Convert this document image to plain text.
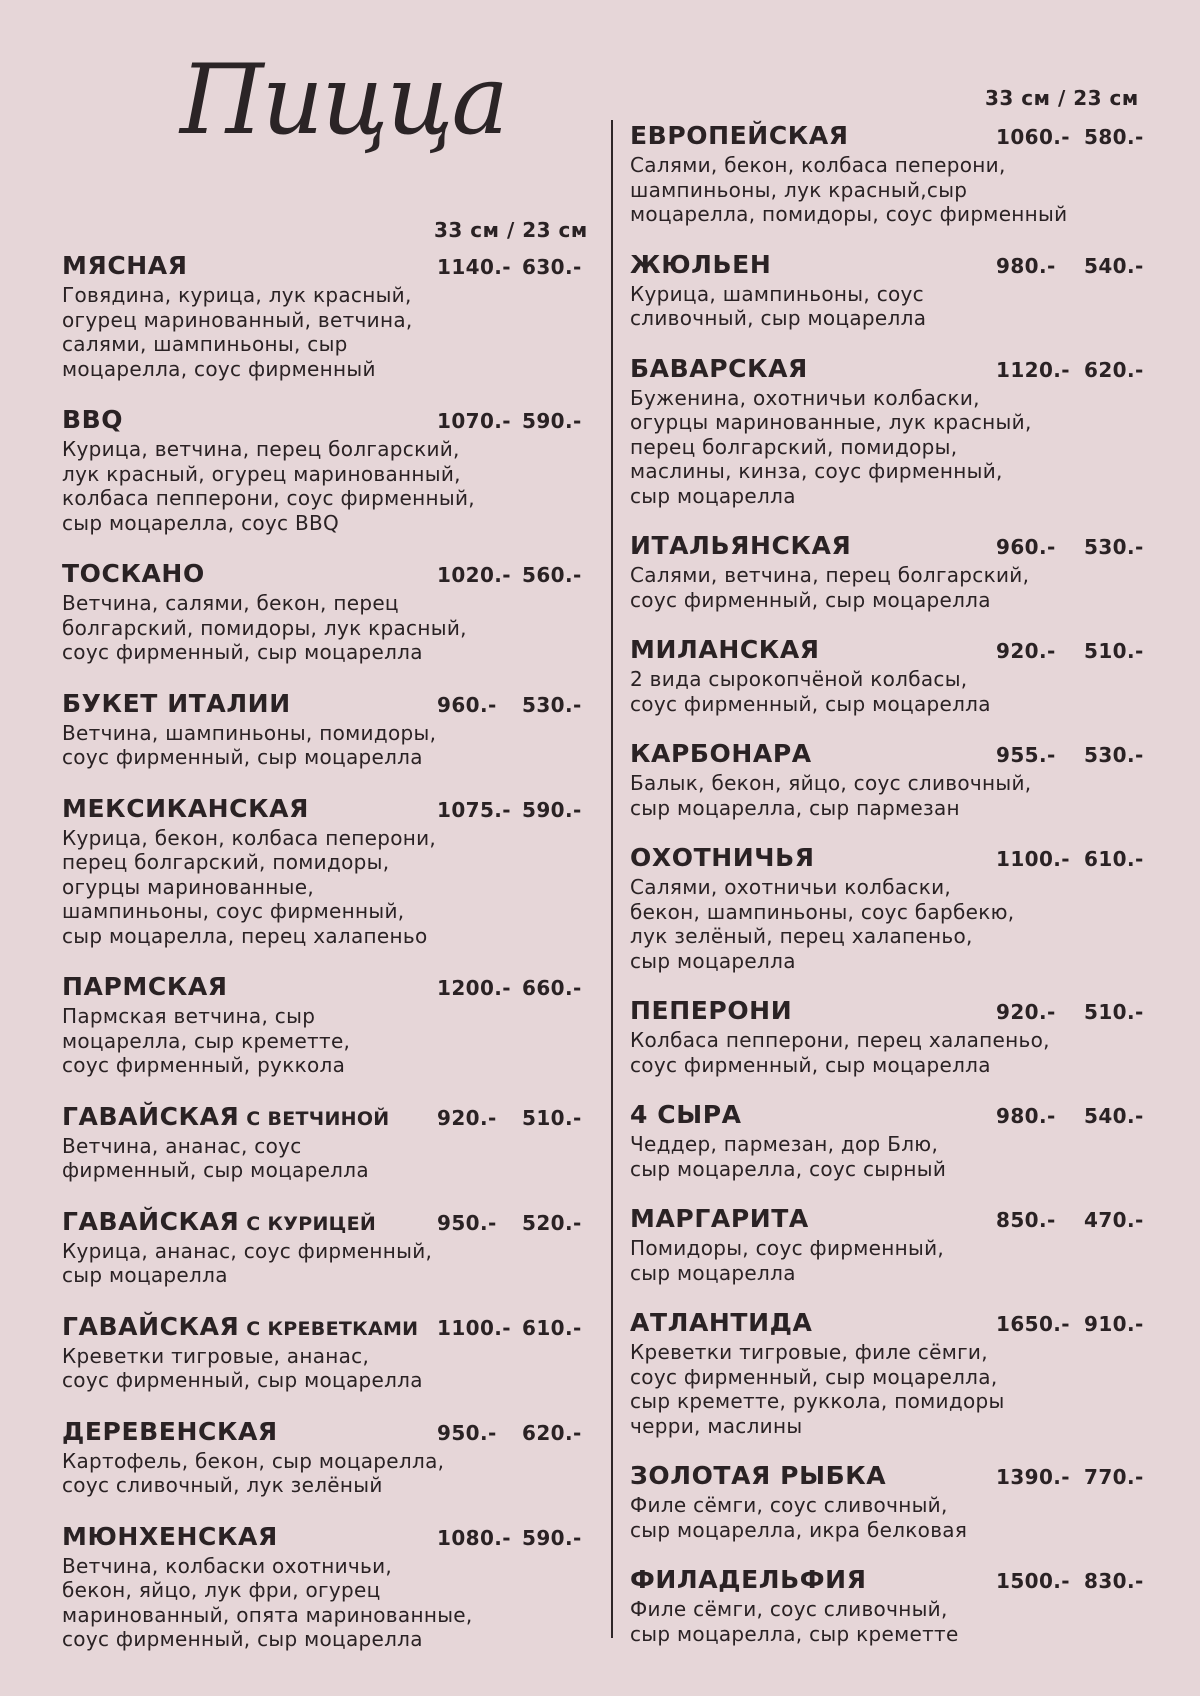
Пицца
33 см / 23 см
33 см / 23 см
МЯСНАЯ	1140.- 630.-
Говядина, курица, лук красный,
огурец маринованный, ветчина,
салями, шампиньоны, сыр
моцарелла, соус фирменный
BBQ	1070.- 590.-
Курица, ветчина, перец болгарский,
лук красный, огурец маринованный,
колбаса пепперони, соус фирменный,
сыр моцарелла, соус BBQ
ТОСКАНО	1020.- 560.-
Ветчина, салями, бекон, перец
болгарский, помидоры, лук красный,
соус фирменный, сыр моцарелла
БУКЕТ ИТАЛИИ	960.- 530.-
Ветчина, шампиньоны, помидоры,
соус фирменный, сыр моцарелла
МЕКСИКАНСКАЯ	1075.- 590.-
Курица, бекон, колбаса пеперони,
перец болгарский, помидоры,
огурцы маринованные,
шампиньоны, соус фирменный,
сыр моцарелла, перец халапеньо
ПАРМСКАЯ	1200.- 660.-
Пармская ветчина, сыр
моцарелла, сыр креметте,
соус фирменный, руккола
ГАВАЙСКАЯ С ВЕТЧИНОЙ	920.- 510.-
Ветчина, ананас, соус
фирменный, сыр моцарелла
ГАВАЙСКАЯ С КУРИЦЕЙ	950.- 520.-
Курица, ананас, соус фирменный,
сыр моцарелла
ГАВАЙСКАЯ С КРЕВЕТКАМИ 1100.- 610.-
Креветки тигровые, ананас,
соус фирменный, сыр моцарелла
ДЕРЕВЕНСКАЯ	950.- 620.-
Картофель, бекон, сыр моцарелла,
соус сливочный, лук зелёный
МЮНХЕНСКАЯ	1080.- 590.-
Ветчина, колбаски охотничьи,
бекон, яйцо, лук фри, огурец
маринованный, опята маринованные,
соус фирменный, сыр моцарелла
ЕВРОПЕЙСКАЯ	1060.- 580.-
Салями, бекон, колбаса пеперони,
шампиньоны, лук красный,сыр
моцарелла, помидоры, соус фирменный
ЖЮЛЬЕН	980.- 540.-
Курица, шампиньоны, соус
сливочный, сыр моцарелла
БАВАРСКАЯ	1120.- 620.-
Буженина, охотничьи колбаски,
огурцы маринованные, лук красный,
перец болгарский, помидоры,
маслины, кинза, соус фирменный,
сыр моцарелла
ИТАЛЬЯНСКАЯ	960.- 530.-
Салями, ветчина, перец болгарский,
соус фирменный, сыр моцарелла
МИЛАНСКАЯ	920.- 510.-
2 вида сырокопчёной колбасы,
соус фирменный, сыр моцарелла
КАРБОНАРА	955.- 530.-
Балык, бекон, яйцо, соус сливочный,
сыр моцарелла, сыр пармезан
ОХОТНИЧЬЯ	1100.- 610.-
Салями, охотничьи колбаски,
бекон, шампиньоны, соус барбекю,
лук зелёный, перец халапеньо,
сыр моцарелла
ПЕПЕРОНИ	920.- 510.-
Колбаса пепперони, перец халапеньо,
соус фирменный, сыр моцарелла
4 СЫРА	980.- 540.-
Чеддер, пармезан, дор Блю,
сыр моцарелла, соус сырный
МАРГАРИТА	850.- 470.-
Помидоры, соус фирменный,
сыр моцарелла
АТЛАНТИДА	1650.- 910.-
Креветки тигровые, филе сёмги,
соус фирменный, сыр моцарелла,
сыр креметте, руккола, помидоры
черри, маслины
ЗОЛОТАЯ РЫБКА	1390.- 770.-
Филе сёмги, соус сливочный,
сыр моцарелла, икра белковая
ФИЛАДЕЛЬФИЯ	1500.- 830.-
Филе сёмги, соус сливочный,
сыр моцарелла, сыр креметте
